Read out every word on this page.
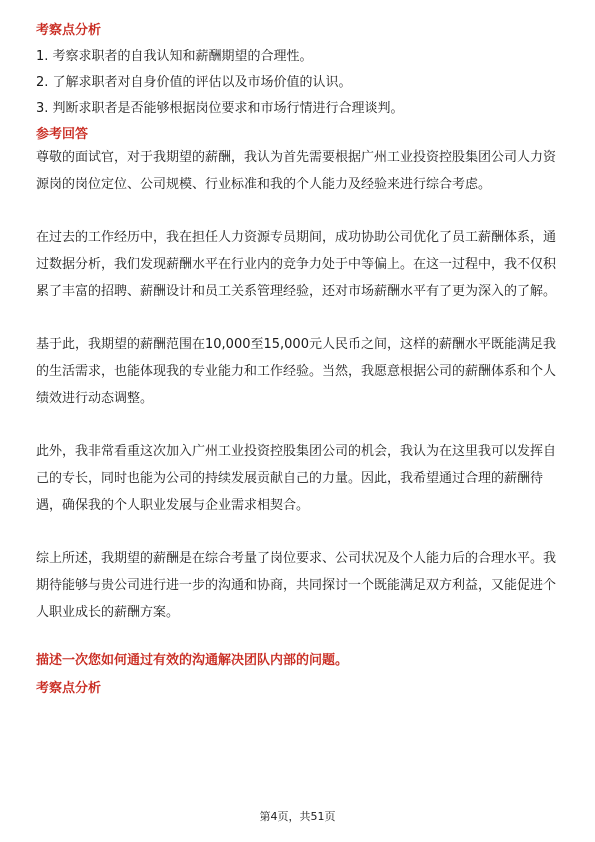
考察点分析
1. 考察求职者的自我认知和薪酬期望的合理性。
2. 了解求职者对自身价值的评估以及市场价值的认识。
3. 判断求职者是否能够根据岗位要求和市场行情进行合理谈判。
参考回答

尊敬的面试官，对于我期望的薪酬，我认为首先需要根据广州工业投资控股集团公司人力资源岗的岗位定位、公司规模、行业标准和我的个人能力及经验来进行综合考虑。

在过去的工作经历中，我在担任人力资源专员期间，成功协助公司优化了员工薪酬体系，通过数据分析，我们发现薪酬水平在行业内的竞争力处于中等偏上。在这一过程中，我不仅积累了丰富的招聘、薪酬设计和员工关系管理经验，还对市场薪酬水平有了更为深入的了解。

基于此，我期望的薪酬范围在10,000至15,000元人民币之间，这样的薪酬水平既能满足我的生活需求，也能体现我的专业能力和工作经验。当然，我愿意根据公司的薪酬体系和个人绩效进行动态调整。

此外，我非常看重这次加入广州工业投资控股集团公司的机会，我认为在这里我可以发挥自己的专长，同时也能为公司的持续发展贡献自己的力量。因此，我希望通过合理的薪酬待遇，确保我的个人职业发展与企业需求相契合。

综上所述，我期望的薪酬是在综合考量了岗位要求、公司状况及个人能力后的合理水平。我期待能够与贵公司进行进一步的沟通和协商，共同探讨一个既能满足双方利益，又能促进个人职业成长的薪酬方案。

描述一次您如何通过有效的沟通解决团队内部的问题。
考察点分析
第4页，共51页
